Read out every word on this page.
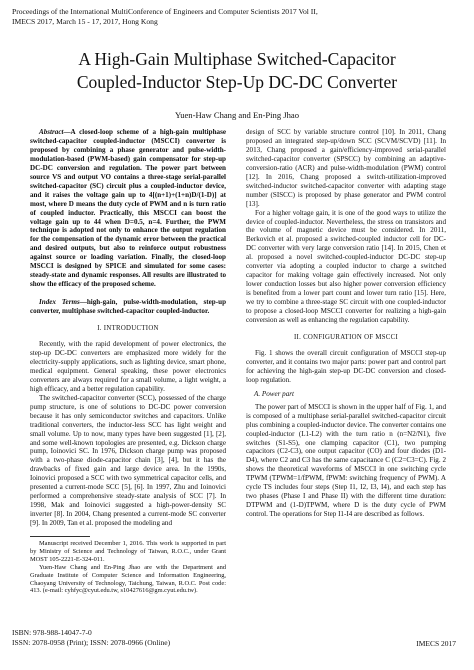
Proceedings of the International MultiConference of Engineers and Computer Scientists 2017 Vol II,
IMECS 2017, March 15 - 17, 2017, Hong Kong
A High-Gain Multiphase Switched-Capacitor
Coupled-Inductor Step-Up DC-DC Converter
Yuen-Haw Chang and En-Ping Jhao

Abstract—A closed-loop scheme of a high-gain multiphase switched-capacitor coupled-inductor (MSCCI) converter is proposed by combining a phase generator and pulse-width-modulation-based (PWM-based) gain compensator for step-up DC-DC conversion and regulation. The power part between source VS and output VO contains a three-stage serial-parallel switched-capacitor (SC) circuit plus a coupled-inductor device, and it raises the voltage gain up to 4[(n+1)+(1+n)D/(1-D)] at most, where D means the duty cycle of PWM and n is turn ratio of coupled inductor. Practically, this MSCCI can boost the voltage gain up to 44 when D=0.5, n=4. Further, the PWM technique is adopted not only to enhance the output regulation for the compensation of the dynamic error between the practical and desired outputs, but also to reinforce output robustness against source or loading variation. Finally, the closed-loop MSCCI is designed by SPICE and simulated for some cases: steady-state and dynamic responses. All results are illustrated to show the efficacy of the proposed scheme.

Index Terms—high-gain, pulse-width-modulation, step-up converter, multiphase switched-capacitor coupled-inductor.

I. INTRODUCTION

Recently, with the rapid development of power electronics, the step-up DC-DC converters are emphasized more widely for the electricity-supply applications, such as lighting device, smart phone, medical equipment. General speaking, these power electronics converters are always required for a small volume, a light weight, a high efficacy, and a better regulation capability.

The switched-capacitor converter (SCC), possessed of the charge pump structure, is one of solutions to DC-DC power conversion because it has only semiconductor switches and capacitors. Unlike traditional converters, the inductor-less SCC has light weight and small volume. Up to now, many types have been suggested [1], [2], and some well-known topologies are presented, e.g. Dickson charge pump, Ioinovici SC. In 1976, Dickson charge pump was proposed with a two-phase diode-capacitor chain [3], [4], but it has the drawbacks of fixed gain and large device area. In the 1990s, Ioinovici proposed a SCC with two symmetrical capacitor cells, and presented a current-mode SCC [5], [6]. In 1997, Zhu and Ioinovici performed a comprehensive steady-state analysis of SCC [7]. In 1998, Mak and Ioinovici suggested a high-power-density SC inverter [8]. In 2004, Chang presented a current-mode SC converter [9]. In 2009, Tan et al. proposed the modeling and

Manuscript received December 1, 2016. This work is supported in part by Ministry of Science and Technology of Taiwan, R.O.C., under Grant MOST 105-2221-E-324-011.

Yuen-Haw Chang and En-Ping Jhao are with the Department and Graduate Institute of Computer Science and Information Engineering, Chaoyang University of Technology, Taichung, Taiwan, R.O.C. Post code: 413. (e-mail: cyhfyc@cyut.edu.tw, s10427616@gm.cyut.edu.tw).

design of SCC by variable structure control [10]. In 2011, Chang proposed an integrated step-up/down SCC (SCVM/SCVD) [11]. In 2013, Chang proposed a gain/efficiency-improved serial-parallel switched-capacitor converter (SPSCC) by combining an adaptive-conversion-ratio (ACR) and pulse-width-modulation (PWM) control [12]. In 2016, Chang proposed a switch-utilization-improved switched-inductor switched-capacitor converter with adapting stage number (SISCC) is proposed by phase generator and PWM control [13].

For a higher voltage gain, it is one of the good ways to utilize the device of coupled-inductor. Nevertheless, the stress on transistors and the volume of magnetic device must be considered. In 2011, Berkovich et al. proposed a switched-coupled inductor cell for DC-DC converter with very large conversion ratio [14]. In 2015, Chen et al. proposed a novel switched-coupled-inductor DC-DC step-up converter via adopting a coupled inductor to charge a switched capacitor for making voltage gain effectively increased. Not only lower conduction losses but also higher power conversion efficiency is benefited from a lower part count and lower turn ratio [15]. Here, we try to combine a three-stage SC circuit with one coupled-inductor to propose a closed-loop MSCCI converter for realizing a high-gain conversion as well as enhancing the regulation capability.

II. CONFIGURATION OF MSCCI

Fig. 1 shows the overall circuit configuration of MSCCI step-up converter, and it contains two major parts: power part and control part for achieving the high-gain step-up DC-DC conversion and closed-loop regulation.

A. Power part

The power part of MSCCI is shown in the upper half of Fig. 1, and is composed of a multiphase serial-parallel switched-capacitor circuit plus combining a coupled-inductor device. The converter contains one coupled-inductor (L1-L2) with the turn ratio n (n=N2/N1), five switches (S1-S5), one clamping capacitor (C1), two pumping capacitors (C2-C3), one output capacitor (CO) and four diodes (D1-D4), where C2 and C3 has the same capacitance C (C2=C3=C). Fig. 2 shows the theoretical waveforms of MSCCI in one switching cycle TPWM (TPWM=1/fPWM, fPWM: switching frequency of PWM). A cycle TS includes four steps (Step I1, I2, I3, I4), and each step has two phases (Phase I and Phase II) with the different time duration: DTPWM and (1-D)TPWM, where D is the duty cycle of PWM control. The operations for Step I1-I4 are described as follows.

ISBN: 978-988-14047-7-0
ISSN: 2078-0958 (Print); ISSN: 2078-0966 (Online)	IMECS 2017
